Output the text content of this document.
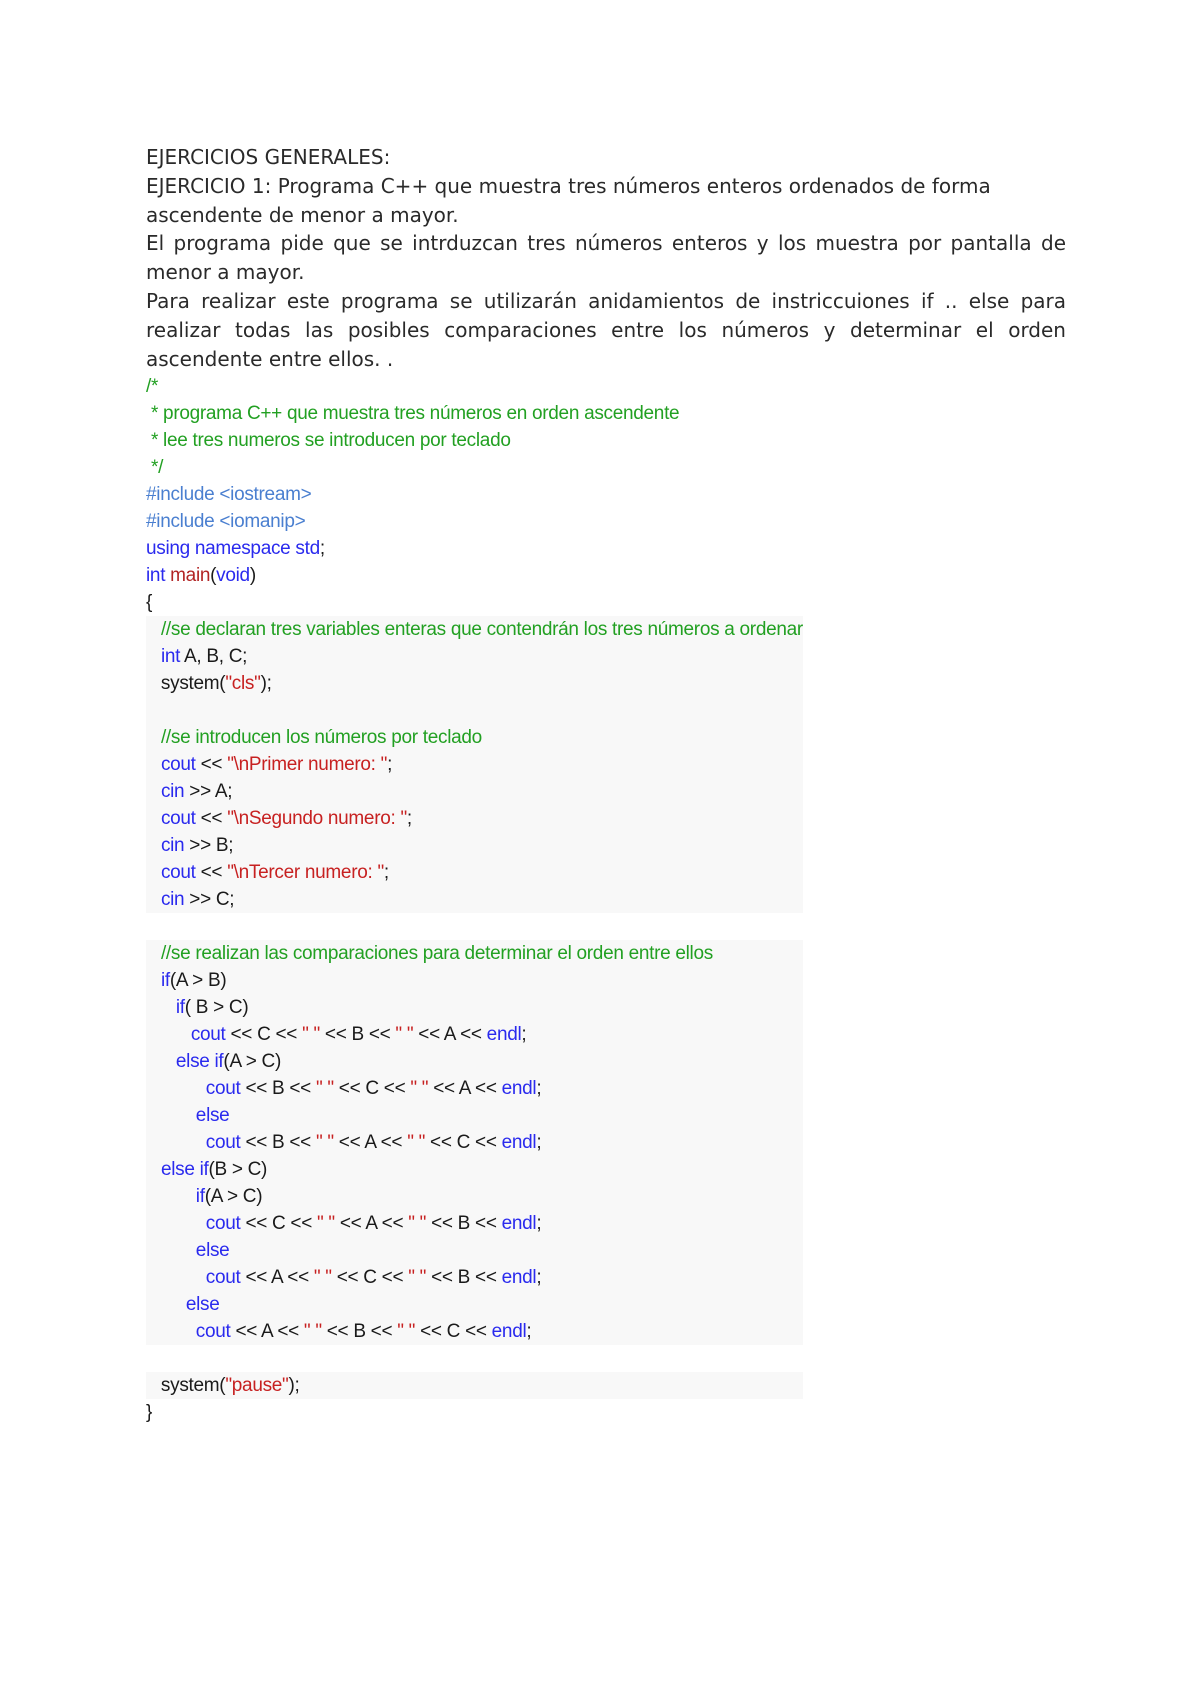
EJERCICIOS GENERALES:

EJERCICIO 1: Programa C++ que muestra tres números enteros ordenados de forma ascendente de menor a mayor.

El programa pide que se intrduzcan tres números enteros y los muestra por pantalla de menor a mayor.

Para realizar este programa se utilizarán anidamientos de instriccuiones if .. else para realizar todas las posibles comparaciones entre los números y determinar el orden ascendente entre ellos. .

/*
* programa C++ que muestra tres números en orden ascendente
* lee tres numeros se introducen por teclado
*/
#include <iostream>
#include <iomanip>
using namespace std;
int main(void)
{
//se declaran tres variables enteras que contendrán los tres números a ordenar
int A, B, C;
system("cls");

//se introducen los números por teclado
cout << "\nPrimer numero: ";
cin >> A;
cout << "\nSegundo numero: ";
cin >> B;
cout << "\nTercer numero: ";
cin >> C;

//se realizan las comparaciones para determinar el orden entre ellos
if(A > B)
if( B > C)
cout << C << " " << B << " " << A << endl;
else if(A > C)
cout << B << " " << C << " " << A << endl;
else
cout << B << " " << A << " " << C << endl;
else if(B > C)
if(A > C)
cout << C << " " << A << " " << B << endl;
else
cout << A << " " << C << " " << B << endl;
else
cout << A << " " << B << " " << C << endl;

system("pause");
}
